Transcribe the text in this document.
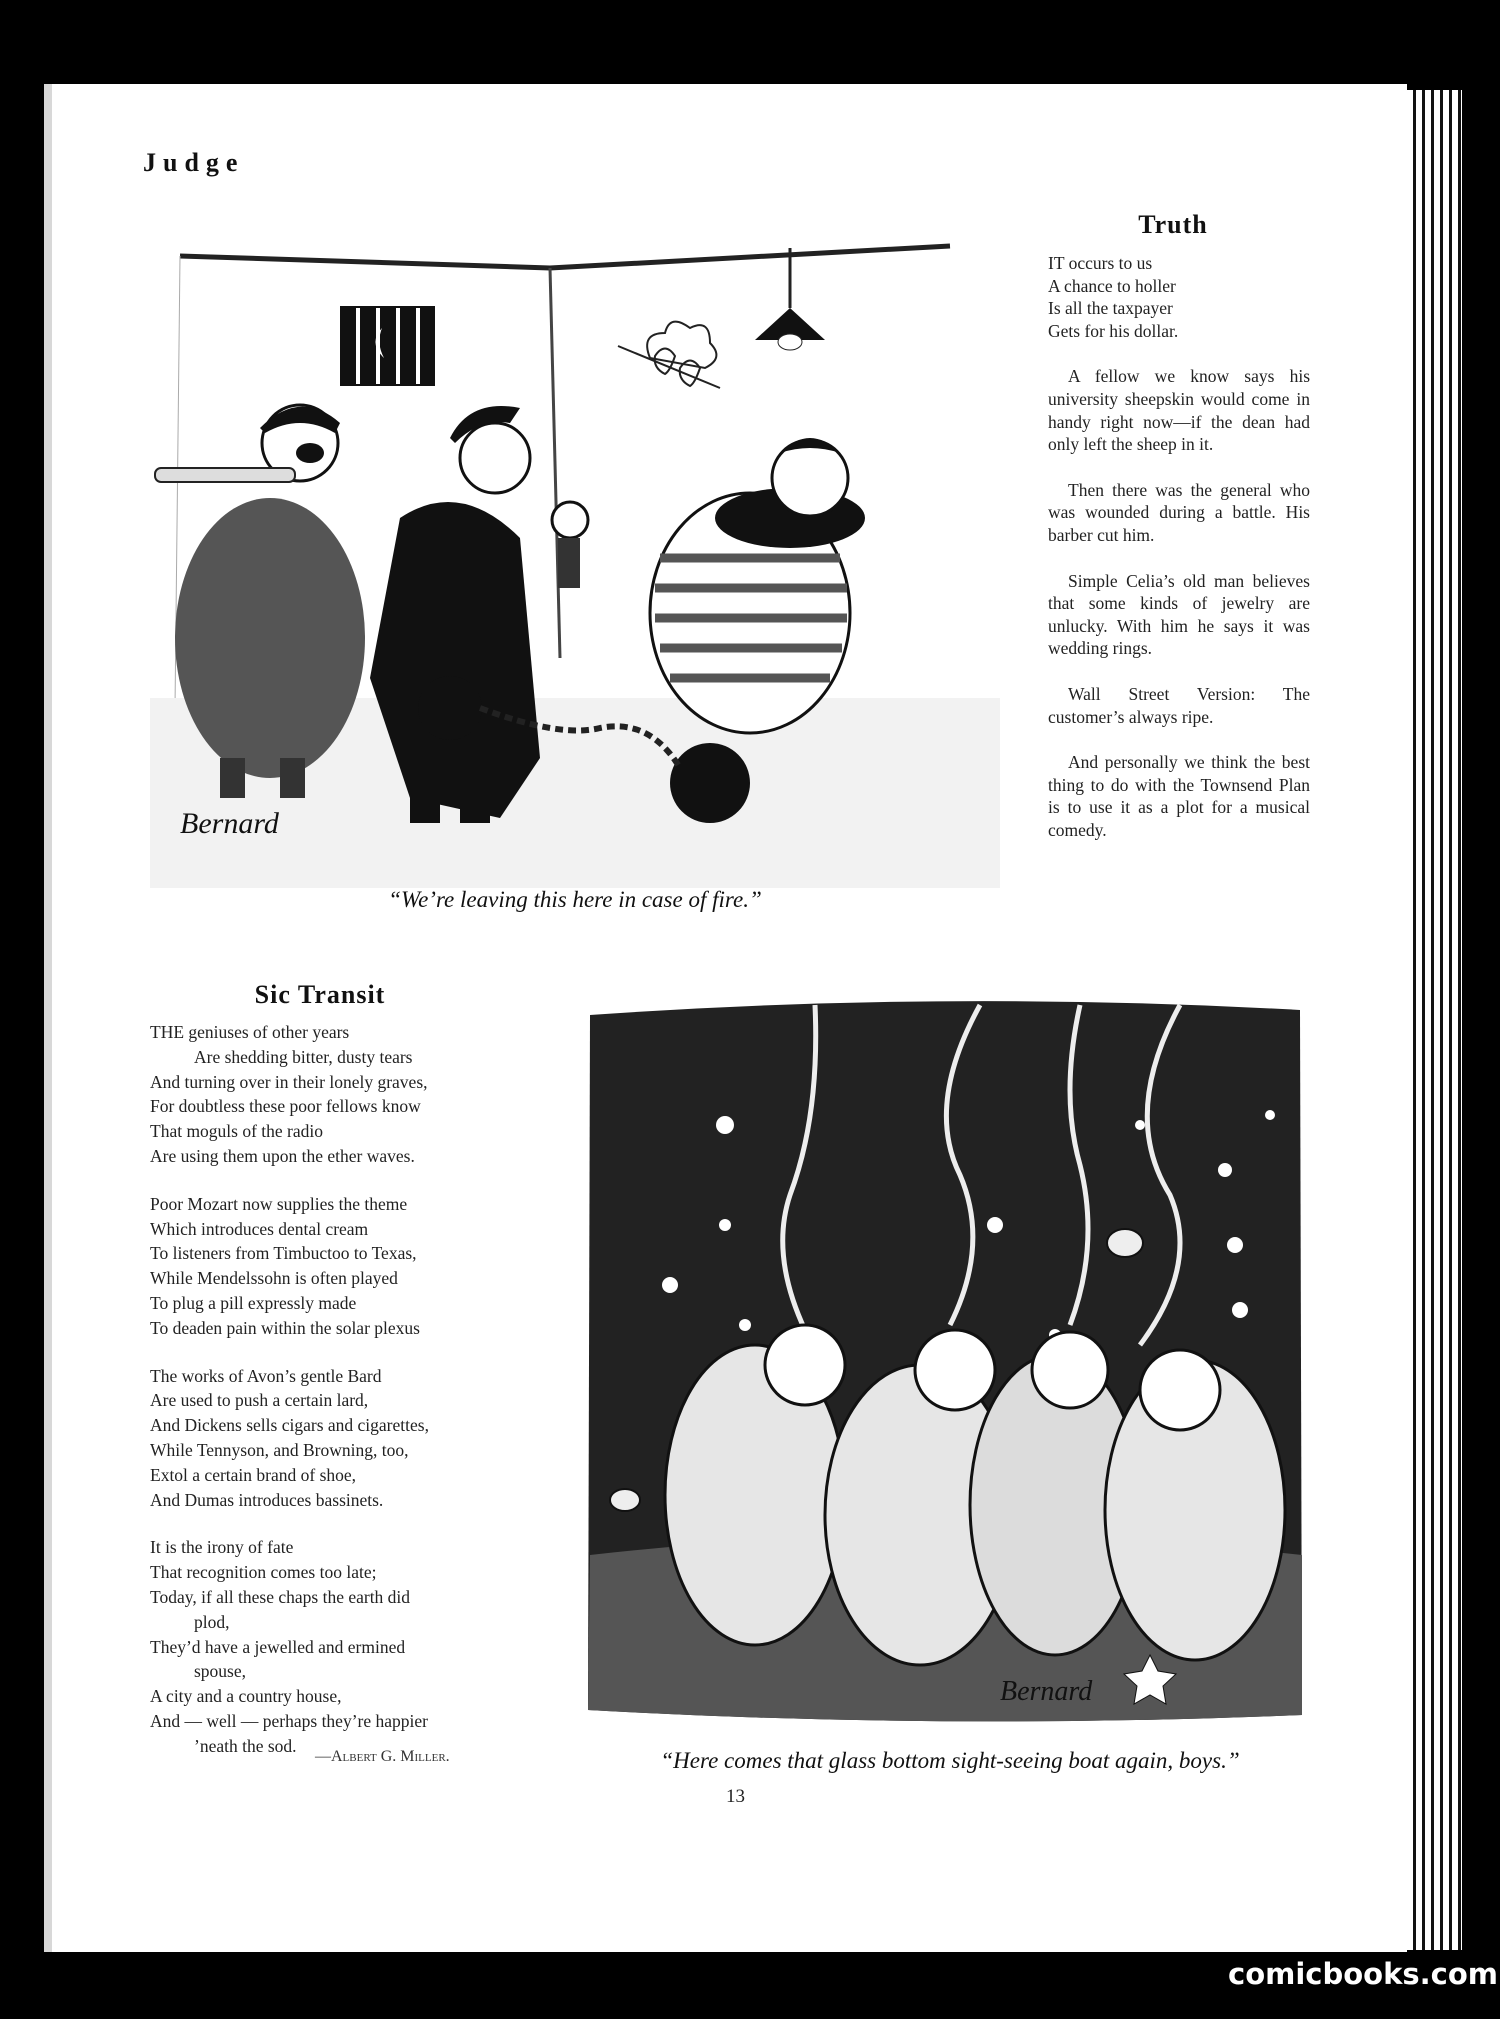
Judge
Bernard
“We’re leaving this here in case of fire.”
Truth
IT occurs to us
A chance to holler
Is all the taxpayer
Gets for his dollar.

A fellow we know says his university sheepskin would come in handy right now—if the dean had only left the sheep in it.

Then there was the general who was wounded during a battle. His barber cut him.

Simple Celia’s old man believes that some kinds of jewelry are unlucky. With him he says it was wedding rings.

Wall Street Version: The customer’s always ripe.

And personally we think the best thing to do with the Townsend Plan is to use it as a plot for a musical comedy.

Sic Transit
THE geniuses of other years
Are shedding bitter, dusty tears
And turning over in their lonely graves,
For doubtless these poor fellows know
That moguls of the radio
Are using them upon the ether waves.
Poor Mozart now supplies the theme
Which introduces dental cream
To listeners from Timbuctoo to Texas,
While Mendelssohn is often played
To plug a pill expressly made
To deaden pain within the solar plexus
The works of Avon’s gentle Bard
Are used to push a certain lard,
And Dickens sells cigars and cigarettes,
While Tennyson, and Browning, too,
Extol a certain brand of shoe,
And Dumas introduces bassinets.
It is the irony of fate
That recognition comes too late;
Today, if all these chaps the earth did
plod,
They’d have a jewelled and ermined
spouse,
A city and a country house,
And — well — perhaps they’re happier
’neath the sod.
—Albert G. Miller.
Bernard
“Here comes that glass bottom sight-seeing boat again, boys.”
13
comicbooks.com
